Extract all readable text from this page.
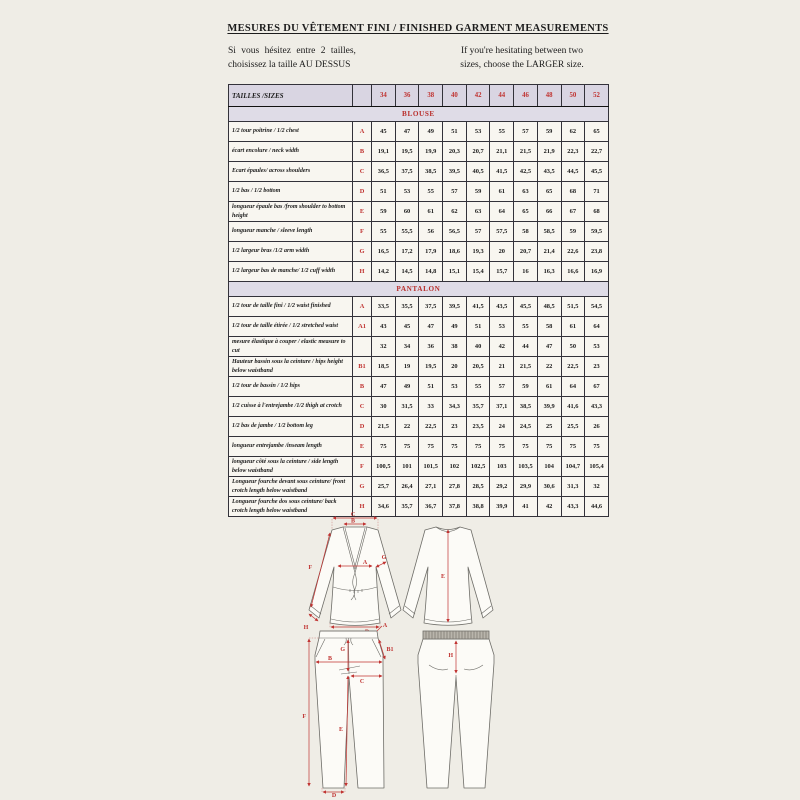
MESURES DU VÊTEMENT FINI / FINISHED GARMENT MEASUREMENTS
Si vous hésitez entre 2 tailles,
choisissez la taille AU DESSUS
If you're hesitating between two
sizes, choose the LARGER size.
TAILLES /SIZES		34	36	38	40	42	44	46	48	50	52
BLOUSE											
1/2 tour poitrine / 1/2 chest	A	45	47	49	51	53	55	57	59	62	65
écart encolure / neck width	B	19,1	19,5	19,9	20,3	20,7	21,1	21,5	21,9	22,3	22,7
Ecart épaules/ across shoulders	C	36,5	37,5	38,5	39,5	40,5	41,5	42,5	43,5	44,5	45,5
1/2 bas / 1/2 bottom	D	51	53	55	57	59	61	63	65	68	71
longueur épaule bas /from shoulder to bottom height	E	59	60	61	62	63	64	65	66	67	68
longueur manche / sleeve length	F	55	55,5	56	56,5	57	57,5	58	58,5	59	59,5
1/2 largeur bras /1/2 arm width	G	16,5	17,2	17,9	18,6	19,3	20	20,7	21,4	22,6	23,8
1/2 largeur bas de manche/ 1/2 cuff width	H	14,2	14,5	14,8	15,1	15,4	15,7	16	16,3	16,6	16,9
PANTALON											
1/2 tour de taille fini / 1/2 waist finished	A	33,5	35,5	37,5	39,5	41,5	43,5	45,5	48,5	51,5	54,5
1/2 tour de taille étirée / 1/2 stretched waist	A1	43	45	47	49	51	53	55	58	61	64
mesure élastique à couper / elastic measure to cut		32	34	36	38	40	42	44	47	50	53
Hauteur bassin sous la ceinture / hips height below waistband	B1	18,5	19	19,5	20	20,5	21	21,5	22	22,5	23
1/2 tour de bassin / 1/2 hips	B	47	49	51	53	55	57	59	61	64	67
1/2 cuisse à l'entrejambe /1/2 thigh at crotch	C	30	31,5	33	34,3	35,7	37,1	38,5	39,9	41,6	43,3
1/2 bas de jambe / 1/2 bottom leg	D	21,5	22	22,5	23	23,5	24	24,5	25	25,5	26
longueur entrejambe /inseam length	E	75	75	75	75	75	75	75	75	75	75
longueur côté sous la ceinture / side length below waistband	F	100,5	101	101,5	102	102,5	103	103,5	104	104,7	105,4
Longueur fourche devant sous ceinture/ front crotch length below waistband	G	25,7	26,4	27,1	27,8	28,5	29,2	29,9	30,6	31,3	32
Longueur fourche dos sous ceinture/ back crotch length below waistband	H	34,6	35,7	36,7	37,8	38,8	39,9	41	42	43,3	44,6
C
B
F
A
G
H
E
A
G	B1
B
C
E
F
D
H
